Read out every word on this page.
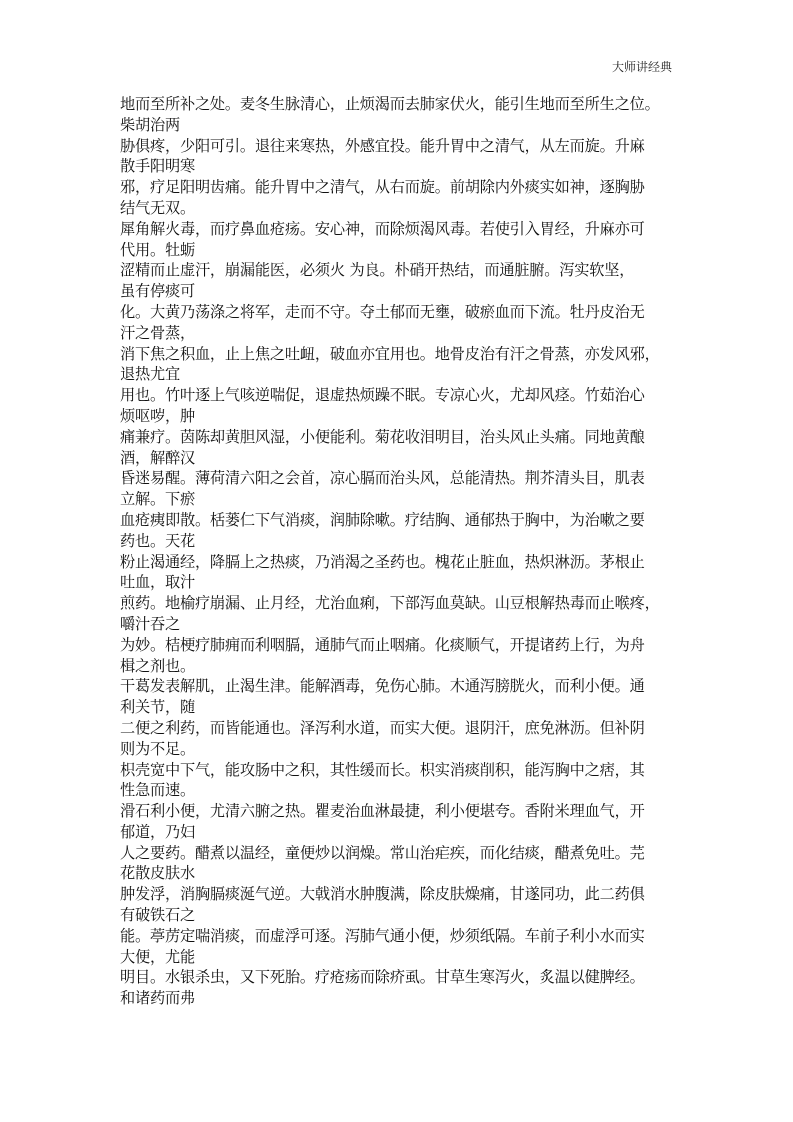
大师讲经典
地而至所补之处。麦冬生脉清心，止烦渴而去肺家伏火，能引生地而至所生之位。
柴胡治两
胁俱疼，少阳可引。退往来寒热，外感宜投。能升胃中之清气，从左而旋。升麻
散手阳明寒
邪，疗足阳明齿痛。能升胃中之清气，从右而旋。前胡除内外痰实如神，逐胸胁
结气无双。
犀角解火毒，而疗鼻血疮疡。安心神，而除烦渴风毒。若使引入胃经，升麻亦可
代用。牡蛎
涩精而止虚汗，崩漏能医，必须火 为良。朴硝开热结，而通脏腑。泻实软坚，
虽有停痰可
化。大黄乃荡涤之将军，走而不守。夺土郁而无壅，破瘀血而下流。牡丹皮治无
汗之骨蒸，
消下焦之积血，止上焦之吐衄，破血亦宜用也。地骨皮治有汗之骨蒸，亦发风邪，
退热尤宜
用也。竹叶逐上气咳逆喘促，退虚热烦躁不眠。专凉心火，尤却风痉。竹茹治心
烦呕哕，肿
痛兼疗。茵陈却黄胆风湿，小便能利。菊花收泪明目，治头风止头痛。同地黄酿
酒，解醉汉
昏迷易醒。薄荷清六阳之会首，凉心膈而治头风，总能清热。荆芥清头目，肌表
立解。下瘀
血疮痍即散。栝蒌仁下气消痰，润肺除嗽。疗结胸、通郁热于胸中，为治嗽之要
药也。天花
粉止渴通经，降膈上之热痰，乃消渴之圣药也。槐花止脏血，热炽淋沥。茅根止
吐血，取汁
煎药。地榆疗崩漏、止月经，尤治血痢，下部泻血莫缺。山豆根解热毒而止喉疼，
嚼汁吞之
为妙。桔梗疗肺痈而利咽膈，通肺气而止咽痛。化痰顺气，开提诸药上行，为舟
楫之剂也。
干葛发表解肌，止渴生津。能解酒毒，免伤心肺。木通泻膀胱火，而利小便。通
利关节，随
二便之利药，而皆能通也。泽泻利水道，而实大便。退阴汗，庶免淋沥。但补阴
则为不足。
枳壳宽中下气，能攻肠中之积，其性缓而长。枳实消痰削积，能泻胸中之痞，其
性急而速。
滑石利小便，尤清六腑之热。瞿麦治血淋最捷，利小便堪夸。香附米理血气，开
郁道，乃妇
人之要药。醋煮以温经，童便炒以润燥。常山治疟疾，而化结痰，醋煮免吐。芫
花散皮肤水
肿发浮，消胸膈痰涎气逆。大戟消水肿腹满，除皮肤燥痛，甘遂同功，此二药俱
有破铁石之
能。葶苈定喘消痰，而虚浮可逐。泻肺气通小便，炒须纸隔。车前子利小水而实
大便，尤能
明目。水银杀虫，又下死胎。疗疮疡而除疥虱。甘草生寒泻火，炙温以健脾经。
和诸药而弗
